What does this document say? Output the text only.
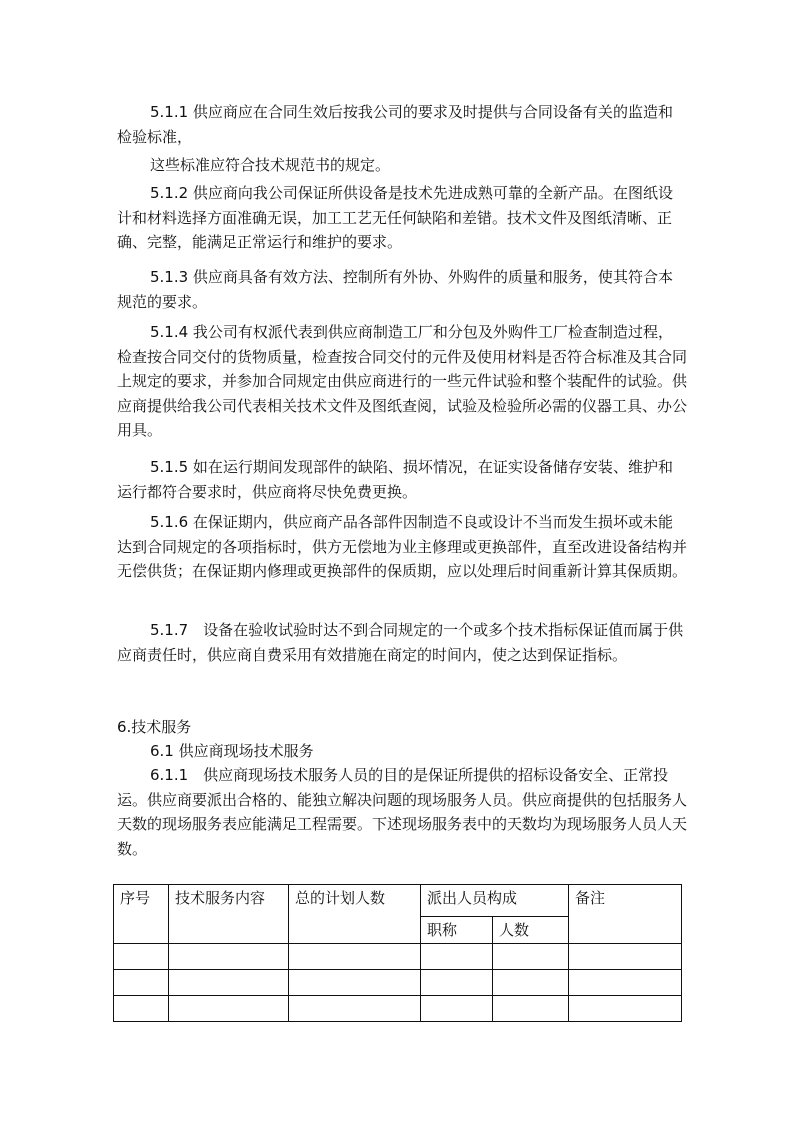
5.1.1 供应商应在合同生效后按我公司的要求及时提供与合同设备有关的监造和检验标准，

这些标准应符合技术规范书的规定。

5.1.2 供应商向我公司保证所供设备是技术先进成熟可靠的全新产品。在图纸设计和材料选择方面准确无误，加工工艺无任何缺陷和差错。技术文件及图纸清晰、正确、完整，能满足正常运行和维护的要求。

5.1.3 供应商具备有效方法、控制所有外协、外购件的质量和服务，使其符合本规范的要求。

5.1.4 我公司有权派代表到供应商制造工厂和分包及外购件工厂检查制造过程，检查按合同交付的货物质量，检查按合同交付的元件及使用材料是否符合标准及其合同上规定的要求，并参加合同规定由供应商进行的一些元件试验和整个装配件的试验。供应商提供给我公司代表相关技术文件及图纸查阅，试验及检验所必需的仪器工具、办公用具。

5.1.5 如在运行期间发现部件的缺陷、损坏情况，在证实设备储存安装、维护和运行都符合要求时，供应商将尽快免费更换。

5.1.6 在保证期内，供应商产品各部件因制造不良或设计不当而发生损坏或未能达到合同规定的各项指标时，供方无偿地为业主修理或更换部件，直至改进设备结构并无偿供货；在保证期内修理或更换部件的保质期，应以处理后时间重新计算其保质期。

5.1.7　设备在验收试验时达不到合同规定的一个或多个技术指标保证值而属于供应商责任时，供应商自费采用有效措施在商定的时间内，使之达到保证指标。

6.技术服务

6.1 供应商现场技术服务

6.1.1　供应商现场技术服务人员的目的是保证所提供的招标设备安全、正常投运。供应商要派出合格的、能独立解决问题的现场服务人员。供应商提供的包括服务人天数的现场服务表应能满足工程需要。下述现场服务表中的天数均为现场服务人员人天数。

序号	技术服务内容	总的计划人数	派出人员构成		备注
			职称	人数	
